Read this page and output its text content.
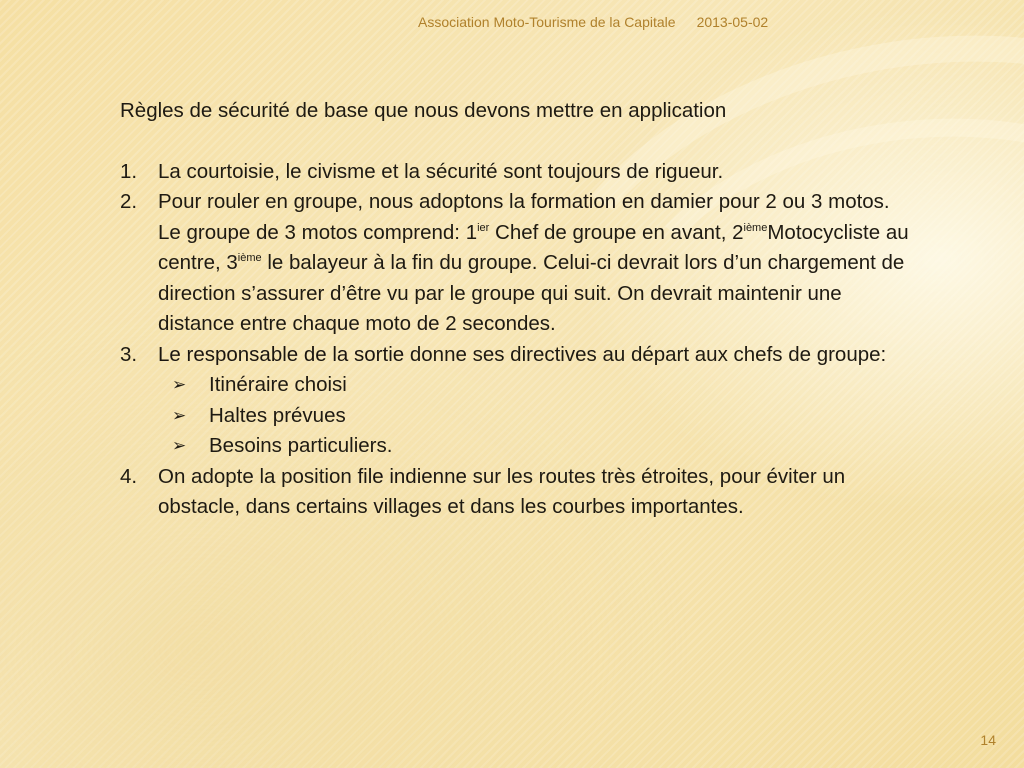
Association Moto-Tourisme de la Capitale 2013-05-02

Règles de sécurité de base que nous devons mettre en application

1. La courtoisie, le civisme et la sécurité sont toujours de rigueur.
2. Pour rouler en groupe, nous adoptons la formation en damier pour 2 ou 3 motos. Le groupe de 3 motos comprend: $1^{ier}$ Chef de groupe en avant, 2ièmeMotocycliste au centre, 3ième le balayeur à la fin du groupe. Celui-ci devrait lors d’un chargement de direction s’assurer d’être vu par le groupe qui suit. On devrait maintenir une distance entre chaque moto de 2 secondes.
3. Le responsable de la sortie donne ses directives au départ aux chefs de groupe:
➢ Itinéraire choisi
➢ Haltes prévues
➢ Besoins particuliers.
4. On adopte la position file indienne sur les routes très étroites, pour éviter un obstacle, dans certains villages et dans les courbes importantes.
14
